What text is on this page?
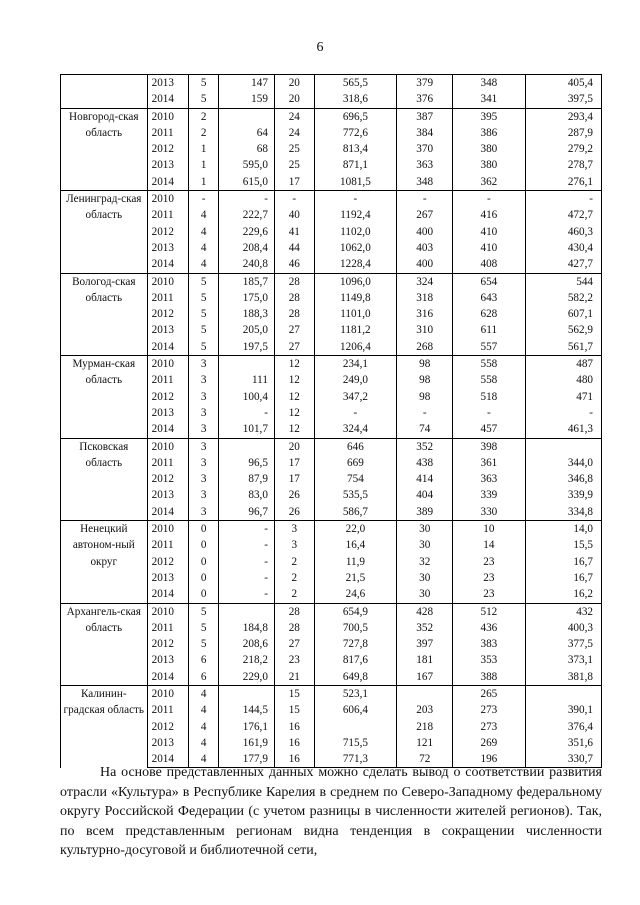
6
	2013	5	147	20	565,5	379	348	405,4
	2014	5	159	20	318,6	376	341	397,5
Новгород-ская область	2010	2		24	696,5	387	395	293,4
	2011	2	64	24	772,6	384	386	287,9
	2012	1	68	25	813,4	370	380	279,2
	2013	1	595,0	25	871,1	363	380	278,7
	2014	1	615,0	17	1081,5	348	362	276,1
Ленинград-ская область	2010	-	-	-	-	-	-	-
	2011	4	222,7	40	1192,4	267	416	472,7
	2012	4	229,6	41	1102,0	400	410	460,3
	2013	4	208,4	44	1062,0	403	410	430,4
	2014	4	240,8	46	1228,4	400	408	427,7
Вологод-ская область	2010	5	185,7	28	1096,0	324	654	544
	2011	5	175,0	28	1149,8	318	643	582,2
	2012	5	188,3	28	1101,0	316	628	607,1
	2013	5	205,0	27	1181,2	310	611	562,9
	2014	5	197,5	27	1206,4	268	557	561,7
Мурман-ская область	2010	3		12	234,1	98	558	487
	2011	3	111	12	249,0	98	558	480
	2012	3	100,4	12	347,2	98	518	471
	2013	3	-	12	-	-	-	-
	2014	3	101,7	12	324,4	74	457	461,3
Псковская область	2010	3		20	646	352	398	
	2011	3	96,5	17	669	438	361	344,0
	2012	3	87,9	17	754	414	363	346,8
	2013	3	83,0	26	535,5	404	339	339,9
	2014	3	96,7	26	586,7	389	330	334,8
Ненецкий автоном-ный округ	2010	0	-	3	22,0	30	10	14,0
	2011	0	-	3	16,4	30	14	15,5
	2012	0	-	2	11,9	32	23	16,7
	2013	0	-	2	21,5	30	23	16,7
	2014	0	-	2	24,6	30	23	16,2
Архангель-ская область	2010	5		28	654,9	428	512	432
	2011	5	184,8	28	700,5	352	436	400,3
	2012	5	208,6	27	727,8	397	383	377,5
	2013	6	218,2	23	817,6	181	353	373,1
	2014	6	229,0	21	649,8	167	388	381,8
Калинин-градская область	2010	4		15	523,1		265	
	2011	4	144,5	15	606,4	203	273	390,1
	2012	4	176,1	16		218	273	376,4
	2013	4	161,9	16	715,5	121	269	351,6
	2014	4	177,9	16	771,3	72	196	330,7

На основе представленных данных можно сделать вывод о соответствии развития отрасли «Культура» в Республике Карелия в среднем по Северо-Западному федеральному округу Российской Федерации (с учетом разницы в численности жителей регионов). Так, по всем представленным регионам видна тенденция в сокращении численности культурно-досуговой и библиотечной сети,
